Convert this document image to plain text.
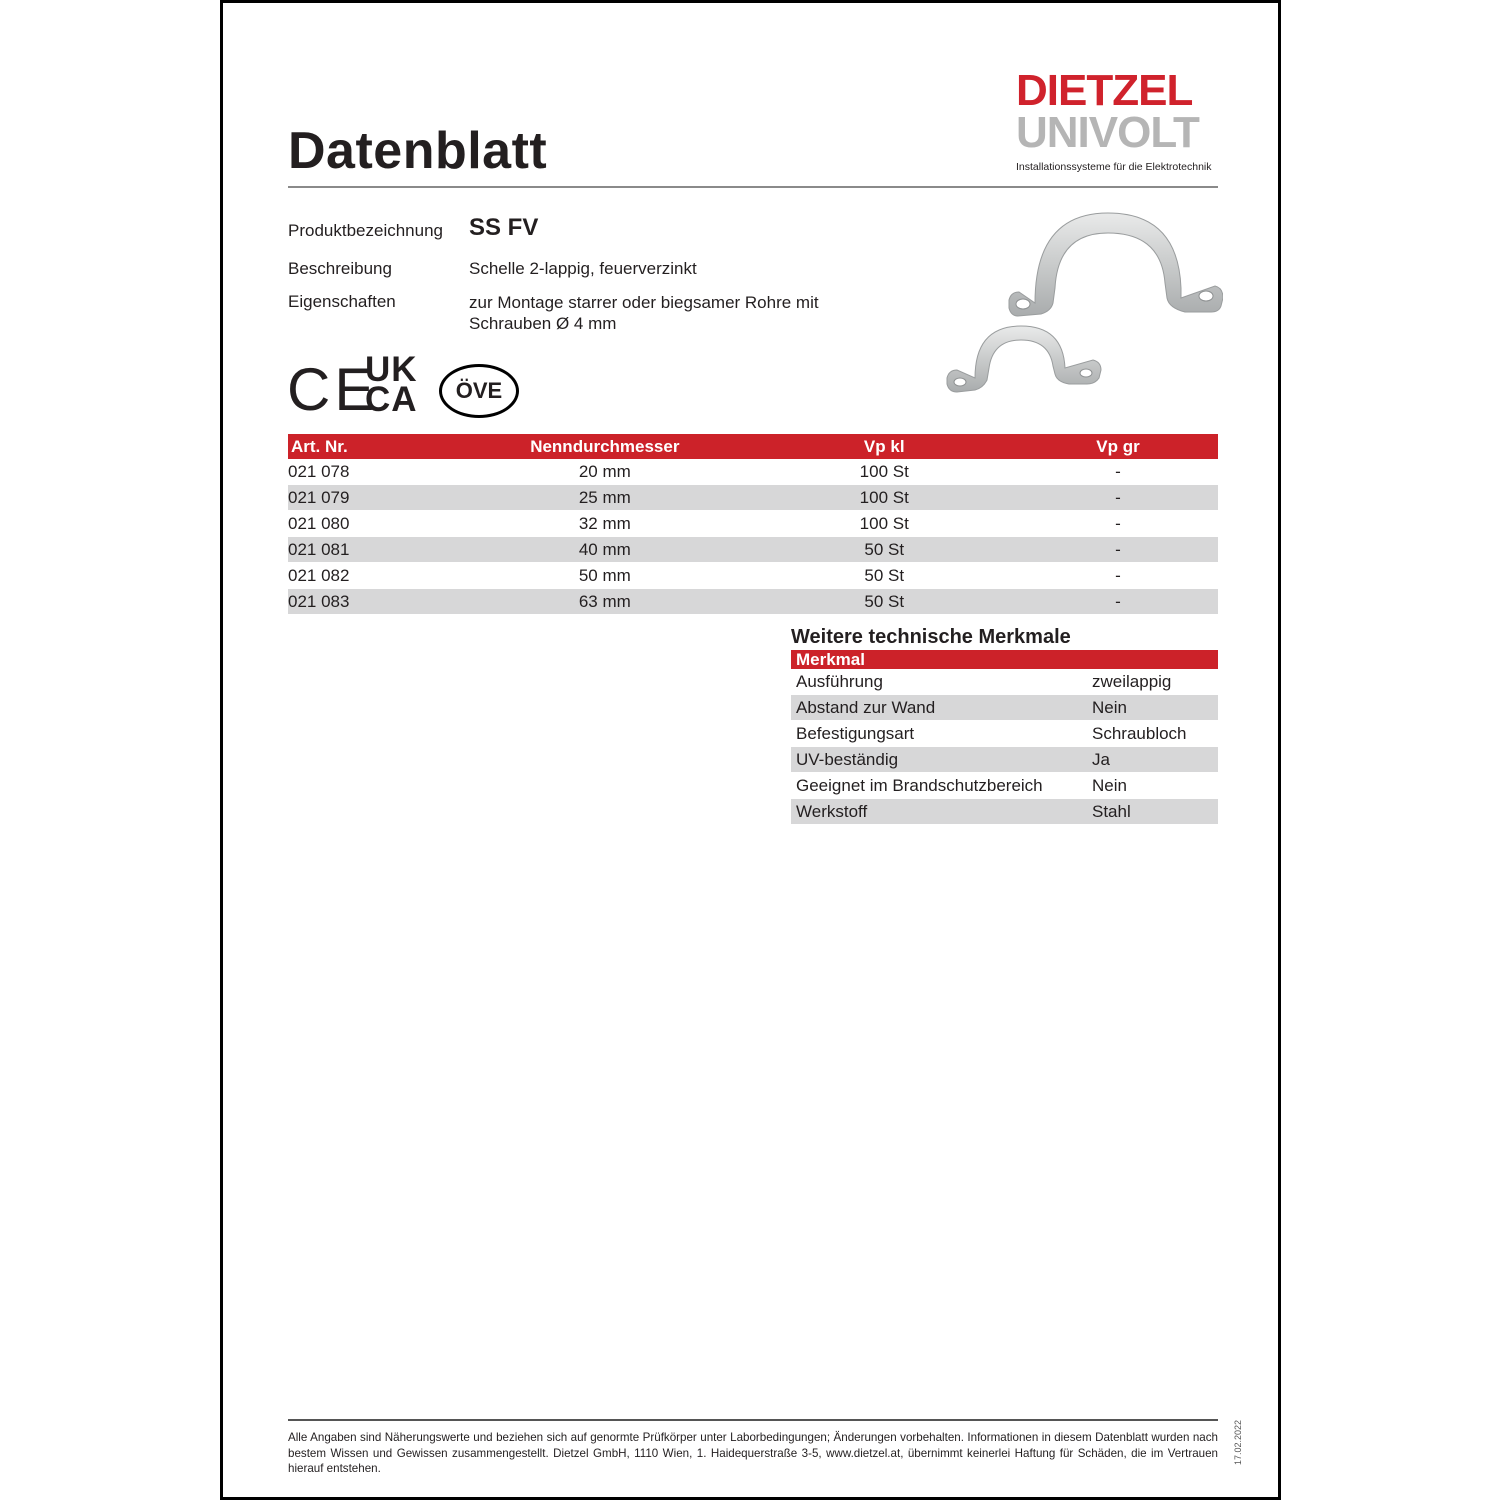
Datenblatt
DIETZEL
UNIVOLT
Installationssysteme für die Elektrotechnik
Produktbezeichnung SS FV
Beschreibung	Schelle 2-lappig, feuerverzinkt
Eigenschaften	zur Montage starrer oder biegsamer Rohre mit
Schrauben Ø 4 mm
CE
UK
CA	ÖVE
Art. Nr.	Nenndurchmesser	Vp kl	Vp gr
021 078	20 mm	100 St	-
021 079	25 mm	100 St	-
021 080	32 mm	100 St	-
021 081	40 mm	50 St	-
021 082	50 mm	50 St	-
021 083	63 mm	50 St	-
Weitere technische Merkmale
Merkmal	
Ausführung	zweilappig
Abstand zur Wand	Nein
Befestigungsart	Schraubloch
UV-beständig	Ja
Geeignet im Brandschutzbereich	Nein
Werkstoff	Stahl
Alle Angaben sind Näherungswerte und beziehen sich auf genormte Prüfkörper unter Laborbedingungen; Änderungen vorbehalten. Informationen in diesem Datenblatt wurden nach bestem Wissen und Gewissen zusammengestellt. Dietzel GmbH, 1110 Wien, 1. Haidequerstraße 3-5, www.dietzel.at, übernimmt keinerlei Haftung für Schäden, die im Vertrauen hierauf entstehen.
17.02.2022
